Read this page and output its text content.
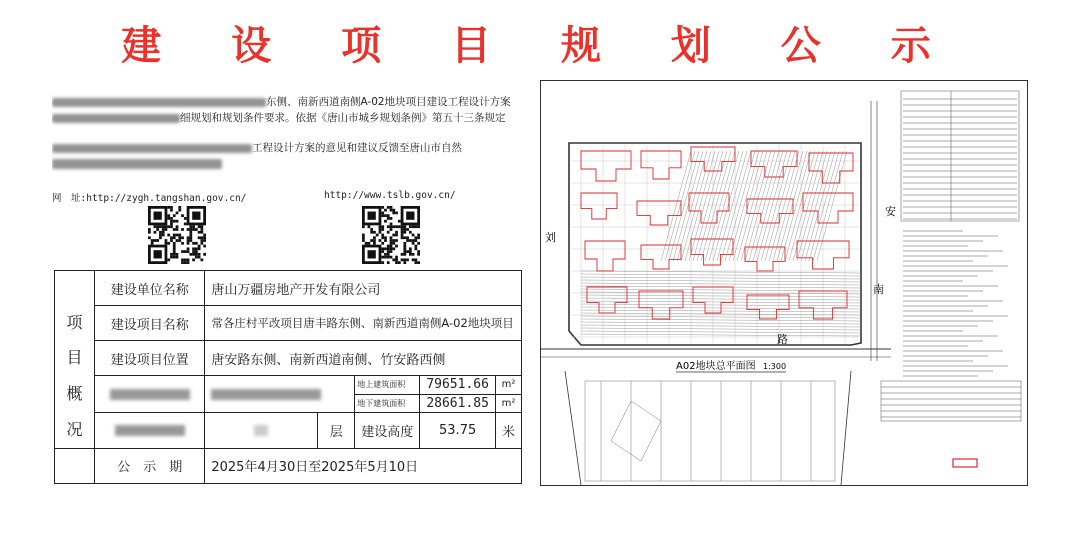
建 设 项 目 规 划 公 示
东侧、南新西道南侧A-02地块项目建设工程设计方案
细规划和规划条件要求。依据《唐山市城乡规划条例》第五十三条规定
工程设计方案的意见和建议反馈至唐山市自然
网　址:http://zygh.tangshan.gov.cn/	http://www.tslb.gov.cn/
	建设单位名称	唐山万疆房地产开发有限公司				
项	建设项目名称	常各庄村平改项目唐丰路东侧、南新西道南侧A-02地块项目				
目	建设项目位置	唐安路东侧、南新西道南侧、竹安路西侧				
概				地上建筑面积	79651.66	m²
				地下建筑面积	28661.85	m²
况			层	建设高度	53.75	米
	公　示　期	2025年4月30日至2025年5月10日				
路
南
安
刘
A02地块总平面图 1:300
